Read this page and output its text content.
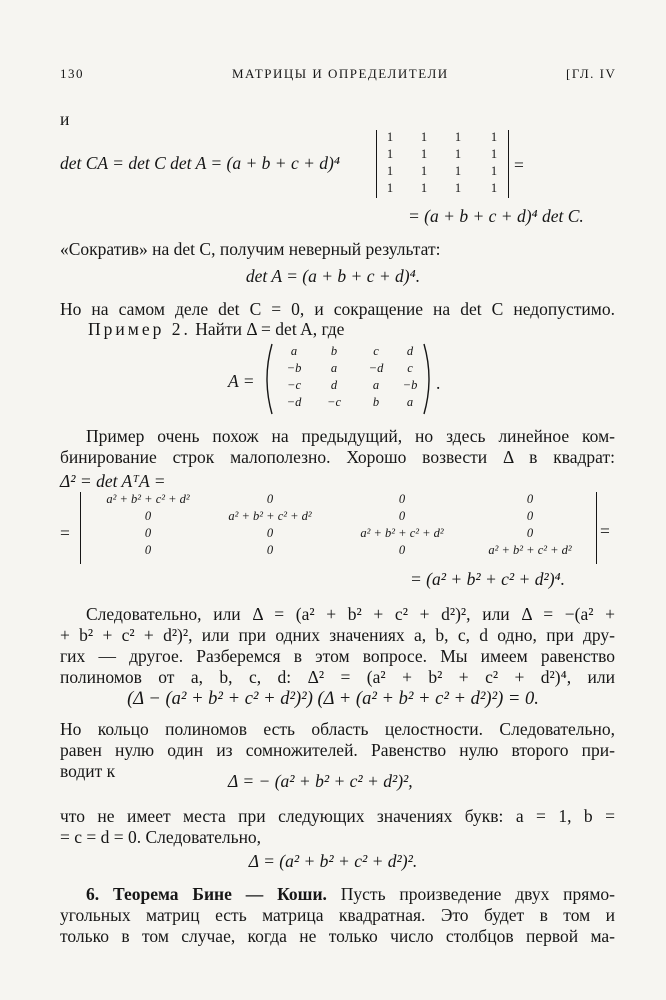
130	МАТРИЦЫ И ОПРЕДЕЛИТЕЛИ	[ГЛ. IV
и
det CA = det C det A = (a + b + c + d)⁴
1 1 1 1
1 1 1 1
1 1 1 1
1 1 1 1
=
= (a + b + c + d)⁴ det C.
«Сократив» на det C, получим неверный результат:
det A = (a + b + c + d)⁴.
Но на самом деле det C = 0, и сокращение на det C недопустимо.
Пример 2. Найти Δ = det A, где
A =
a	b	c d
−b a	−d c
−c d	a −b
−d −c	b a
.
Пример очень похож на предыдущий, но здесь линейное ком-
бинирование строк малополезно. Хорошо возвести Δ в квадрат:
Δ² = det AᵀA =
=
a² + b² + c² + d²	0	0	0
0	a² + b² + c² + d²	0	0
0	0	a² + b² + c² + d²	0
0	0	0	a² + b² + c² + d²
=
= (a² + b² + c² + d²)⁴.
Следовательно, или Δ = (a² + b² + c² + d²)², или Δ = −(a² +
+ b² + c² + d²)², или при одних значениях a, b, c, d одно, при дру-
гих — другое. Разберемся в этом вопросе. Мы имеем равенство
полиномов от a, b, c, d: Δ² = (a² + b² + c² + d²)⁴, или
(Δ − (a² + b² + c² + d²)²) (Δ + (a² + b² + c² + d²)²) = 0.
Но кольцо полиномов есть область целостности. Следовательно,
равен нулю один из сомножителей. Равенство нулю второго при-
водит к	Δ = − (a² + b² + c² + d²)²,
что не имеет места при следующих значениях букв: a = 1, b =
= c = d = 0. Следовательно,
Δ = (a² + b² + c² + d²)².
6. Теорема Бине — Коши. Пусть произведение двух прямо-
угольных матриц есть матрица квадратная. Это будет в том и
только в том случае, когда не только число столбцов первой ма-
